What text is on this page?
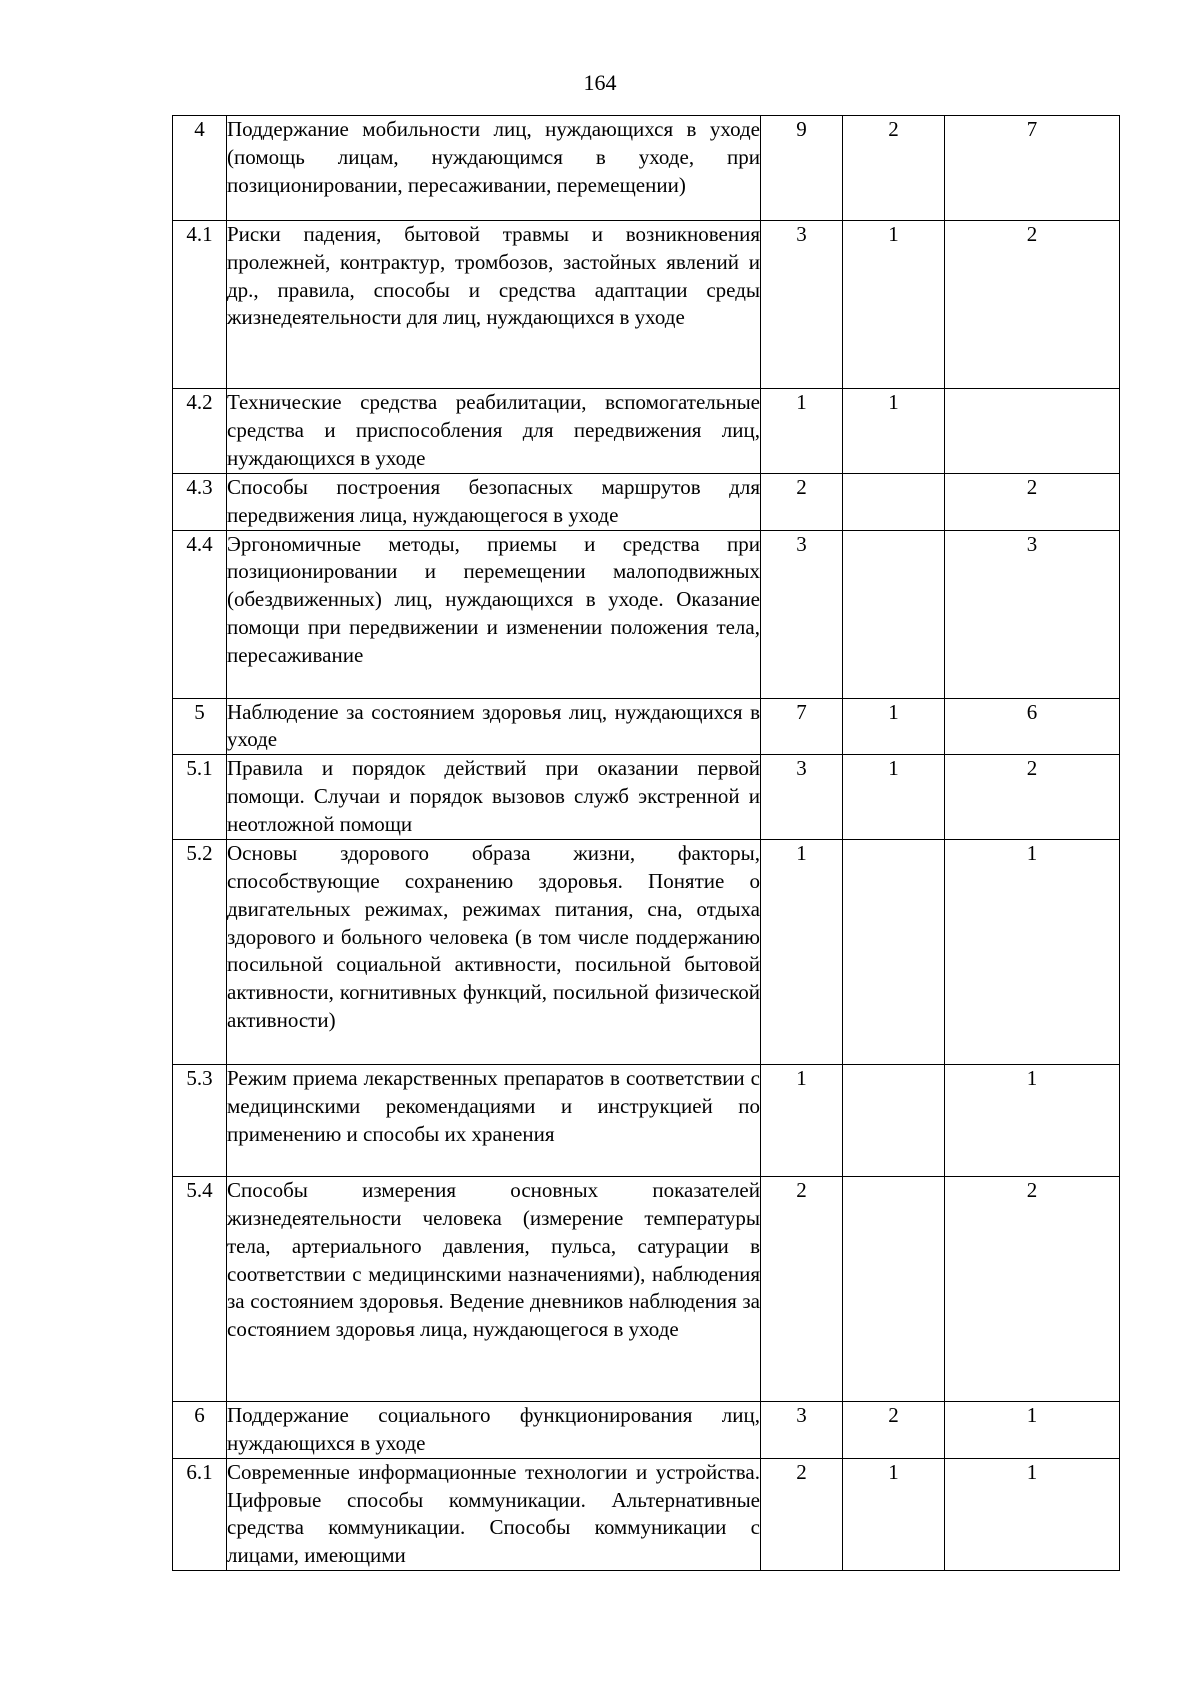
164
4	Поддержание мобильности лиц, нуждающихся в уходе (помощь лицам, нуждающимся в уходе, при позиционировании, пересаживании, перемещении)	9	2	7
4.1	Риски падения, бытовой травмы и возникновения пролежней, контрактур, тромбозов, застойных явлений и др., правила, способы и средства адаптации среды жизнедеятельности для лиц, нуждающихся в уходе	3	1	2
4.2	Технические средства реабилитации, вспомогательные средства и приспособления для передвижения лиц, нуждающихся в уходе	1	1	
4.3	Способы построения безопасных маршрутов для передвижения лица, нуждающегося в уходе	2		2
4.4	Эргономичные методы, приемы и средства при позиционировании и перемещении малоподвижных (обездвиженных) лиц, нуждающихся в уходе. Оказание помощи при передвижении и изменении положения тела, пересаживание	3		3
5	Наблюдение за состоянием здоровья лиц, нуждающихся в уходе	7	1	6
5.1	Правила и порядок действий при оказании первой помощи. Случаи и порядок вызовов служб экстренной и неотложной помощи	3	1	2
5.2	Основы здорового образа жизни, факторы, способствующие сохранению здоровья. Понятие о двигательных режимах, режимах питания, сна, отдыха здорового и больного человека (в том числе поддержанию посильной социальной активности, посильной бытовой активности, когнитивных функций, посильной физической активности)	1		1
5.3	Режим приема лекарственных препаратов в соответствии с медицинскими рекомендациями и инструкцией по применению и способы их хранения	1		1
5.4	Способы измерения основных показателей жизнедеятельности человека (измерение температуры тела, артериального давления, пульса, сатурации в соответствии с медицинскими назначениями), наблюдения за состоянием здоровья. Ведение дневников наблюдения за состоянием здоровья лица, нуждающегося в уходе	2		2
6	Поддержание социального функционирования лиц, нуждающихся в уходе	3	2	1
6.1	Современные информационные технологии и устройства. Цифровые способы коммуникации. Альтернативные средства коммуникации. Способы коммуникации с лицами, имеющими	2	1	1
